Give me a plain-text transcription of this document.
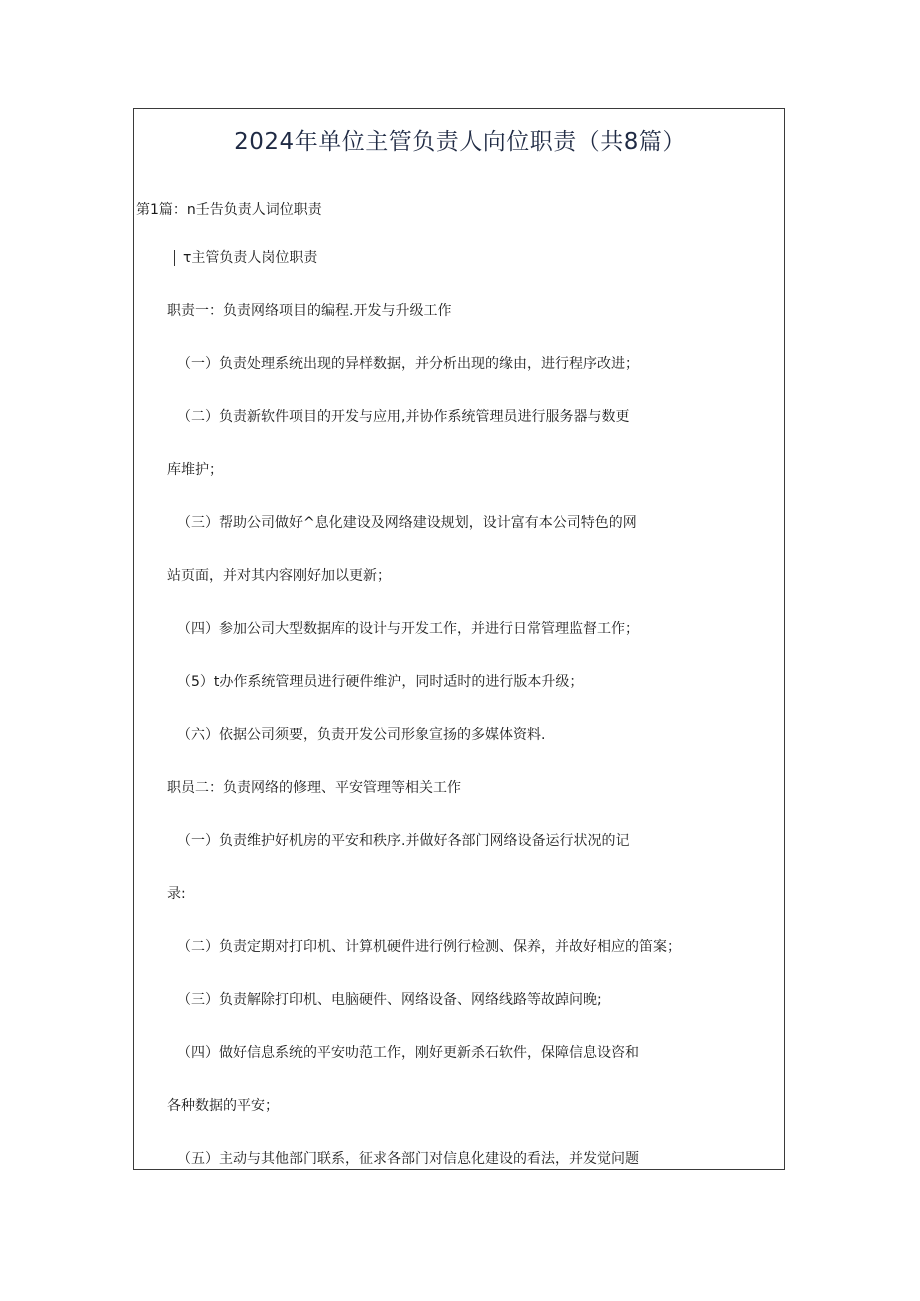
2024年单位主管负责人向位职责（共8篇）
第1篇：n壬告负责人词位职责
τ主管负责人岗位职责
职责一：负责网络项目的编程.开发与升级工作
（一）负责处理系统出现的异样数据，并分析出现的缘由，进行程序改进；
（二）负责新软件项目的开发与应用,并协作系统管理员进行服务器与数更
库堆护；
（三）帮助公司做好^息化建设及网络建设规划，设计富有本公司特色的网
站页面，并对其内容刚好加以更新；
（四）参加公司大型数据库的设计与开发工作，并进行日常管理监督工作；
（5）t办作系统管理员进行硬件维沪，同时适时的进行版本升级；
（六）依据公司须要，负责开发公司形象宣扬的多媒体资料.
职员二：负责网络的修理、平安管理等相关工作
（一）负责维护好机房的平安和秩序.并做好各部门网络设备运行状况的记
录:
（二）负责定期对打印机、计算机硬件进行例行检测、保养，并故好相应的笛案；
（三）负责解除打印机、电脑硬件、网络设备、网络线路等故踔问晚;
（四）做好信息系统的平安叻范工作，刚好更新杀石软件，保障信息设咨和
各种数据的平安；
（五）主动与其他部门联系，征求各部门对信息化建设的看法，并发觉问题
